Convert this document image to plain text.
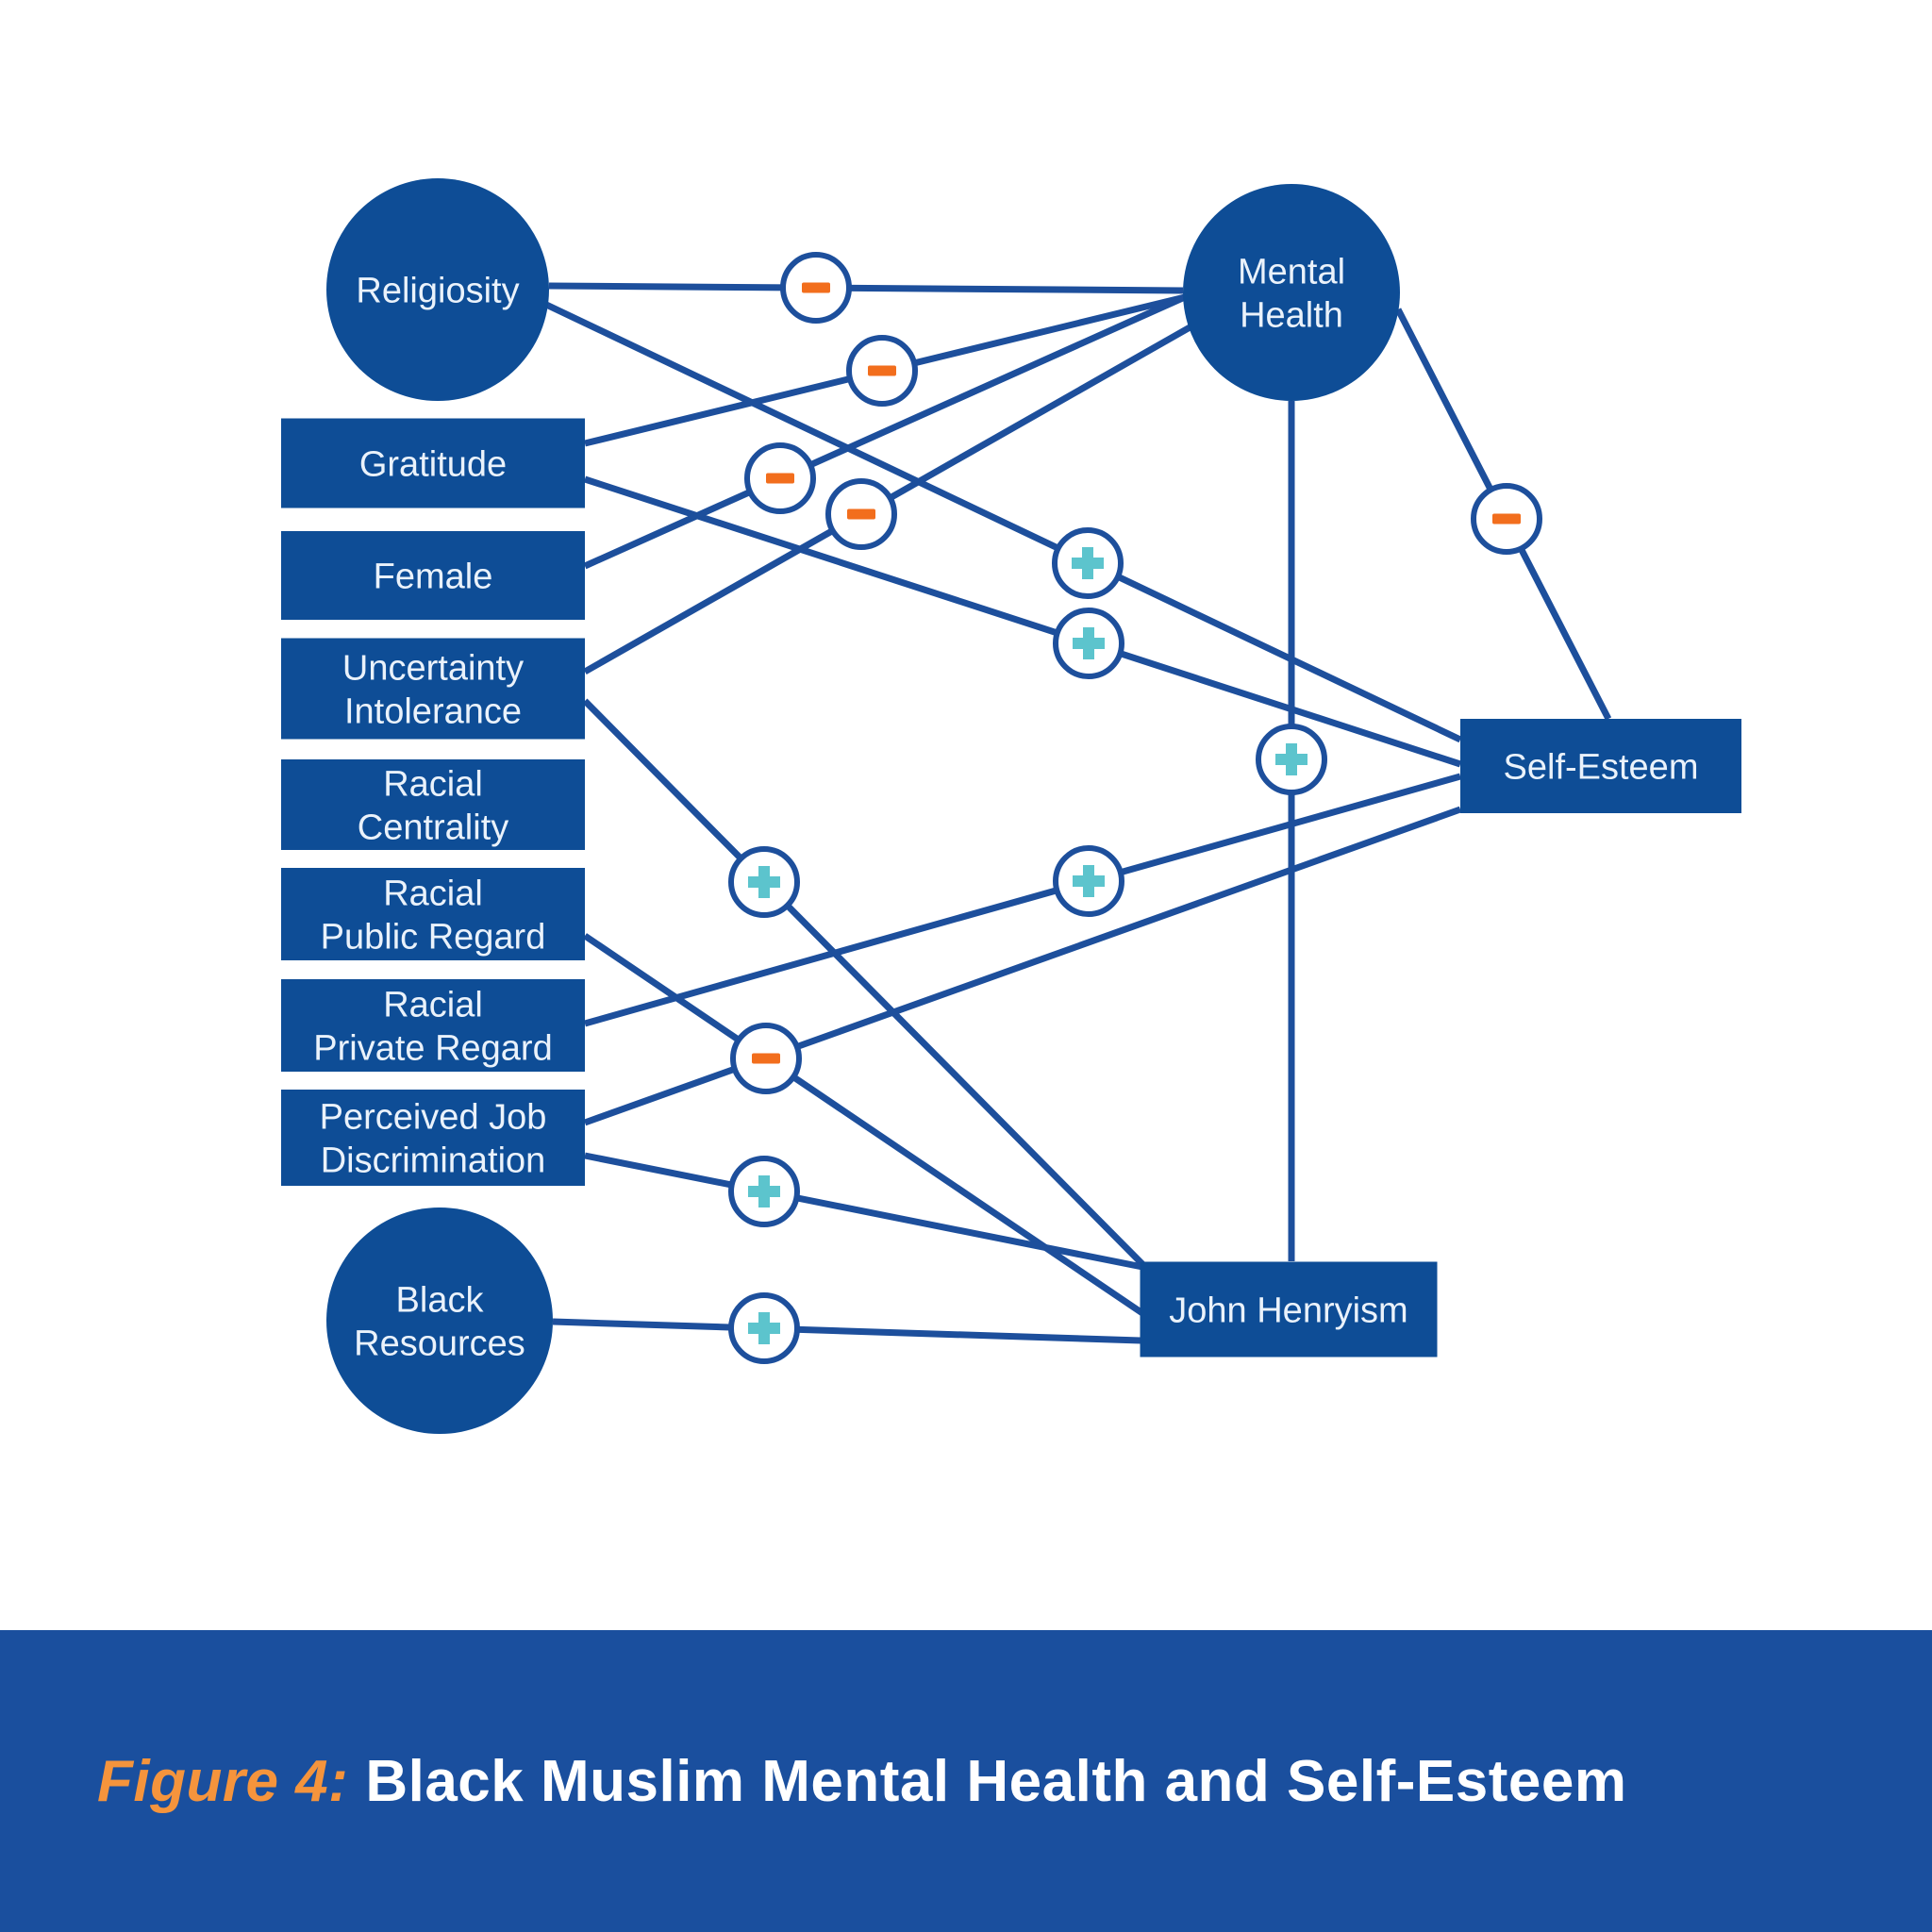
Religiosity
Gratitude
Female
Uncertainty Intolerance
Racial Centrality
Racial Public Regard
Racial Private Regard
Perceived Job Discrimination
Black Resources
Mental Health
Self-Esteem
John Henryism
Figure 4: Black Muslim Mental Health and Self-Esteem
